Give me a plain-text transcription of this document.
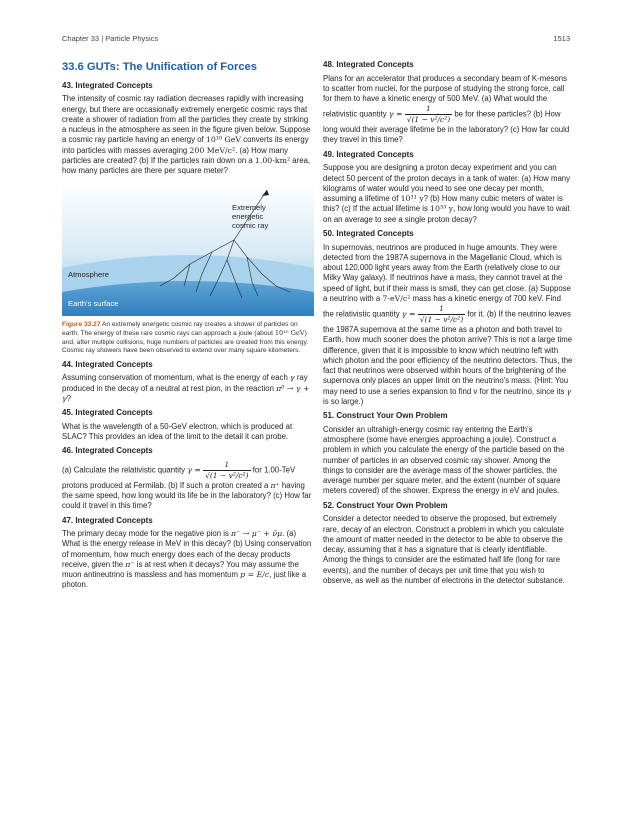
Chapter 33 | Particle Physics	1513
33.6 GUTs: The Unification of Forces
43. Integrated Concepts

The intensity of cosmic ray radiation decreases rapidly with increasing energy, but there are occasionally extremely energetic cosmic rays that create a shower of radiation from all the particles they create by striking a nucleus in the atmosphere as seen in the figure given below. Suppose a cosmic ray particle having an energy of 10¹⁰ GeV converts its energy into particles with masses averaging 200 MeV/c². (a) How many particles are created? (b) If the particles rain down on a 1.00-km² area, how many particles are there per square meter?

Extremely energetic cosmic ray
Atmosphere
Earth's surface

Figure 33.27 An extremely energetic cosmic ray creates a shower of particles on earth. The energy of these rare cosmic rays can approach a joule (about 10¹⁰ GeV) and, after multiple collisions, huge numbers of particles are created from this energy. Cosmic ray showers have been observed to extend over many square kilometers.

44. Integrated Concepts

Assuming conservation of momentum, what is the energy of each γ ray produced in the decay of a neutral at rest pion, in the reaction π⁰ → γ + γ?

45. Integrated Concepts

What is the wavelength of a 50-GeV electron, which is produced at SLAC? This provides an idea of the limit to the detail it can probe.

46. Integrated Concepts

(a) Calculate the relativistic quantity $\gamma = \frac{1}{\text{√(1 − v²/c²)}}$ for 1.00-TeV protons produced at Fermilab. (b) If such a proton created a π⁺ having the same speed, how long would its life be in the laboratory? (c) How far could it travel in this time?

47. Integrated Concepts

The primary decay mode for the negative pion is π⁻ → μ⁻ + ν̄μ. (a) What is the energy release in MeV in this decay? (b) Using conservation of momentum, how much energy does each of the decay products receive, given the π⁻ is at rest when it decays? You may assume the muon antineutrino is massless and has momentum p = E/c, just like a photon.

48. Integrated Concepts

Plans for an accelerator that produces a secondary beam of K-mesons to scatter from nuclei, for the purpose of studying the strong force, call for them to have a kinetic energy of 500 MeV. (a) What would the relativistic quantity $\gamma = \frac{1}{\text{√(1 − v²/c²)}}$ be for these particles? (b) How long would their average lifetime be in the laboratory? (c) How far could they travel in this time?

49. Integrated Concepts

Suppose you are designing a proton decay experiment and you can detect 50 percent of the proton decays in a tank of water. (a) How many kilograms of water would you need to see one decay per month, assuming a lifetime of 10³¹ y? (b) How many cubic meters of water is this? (c) If the actual lifetime is 10³³ y, how long would you have to wait on an average to see a single proton decay?

50. Integrated Concepts

In supernovas, neutrinos are produced in huge amounts. They were detected from the 1987A supernova in the Magellanic Cloud, which is about 120,000 light years away from the Earth (relatively close to our Milky Way galaxy). If neutrinos have a mass, they cannot travel at the speed of light, but if their mass is small, they can get close. (a) Suppose a neutrino with a 7-eV/c² mass has a kinetic energy of 700 keV. Find the relativistic quantity $\gamma = \frac{1}{\text{√(1 − v²/c²)}}$ for it. (b) If the neutrino leaves the 1987A supernova at the same time as a photon and both travel to Earth, how much sooner does the photon arrive? This is not a large time difference, given that it is impossible to know which neutrino left with which photon and the poor efficiency of the neutrino detectors. Thus, the fact that neutrinos were observed within hours of the brightening of the supernova only places an upper limit on the neutrino's mass. (Hint: You may need to use a series expansion to find v for the neutrino, since its γ is so large.)

51. Construct Your Own Problem

Consider an ultrahigh-energy cosmic ray entering the Earth's atmosphere (some have energies approaching a joule). Construct a problem in which you calculate the energy of the particle based on the number of particles in an observed cosmic ray shower. Among the things to consider are the average mass of the shower particles, the average number per square meter, and the extent (number of square meters covered) of the shower. Express the energy in eV and joules.

52. Construct Your Own Problem

Consider a detector needed to observe the proposed, but extremely rare, decay of an electron. Construct a problem in which you calculate the amount of matter needed in the detector to be able to observe the decay, assuming that it has a signature that is clearly identifiable. Among the things to consider are the estimated half life (long for rare events), and the number of decays per unit time that you wish to observe, as well as the number of electrons in the detector substance.
